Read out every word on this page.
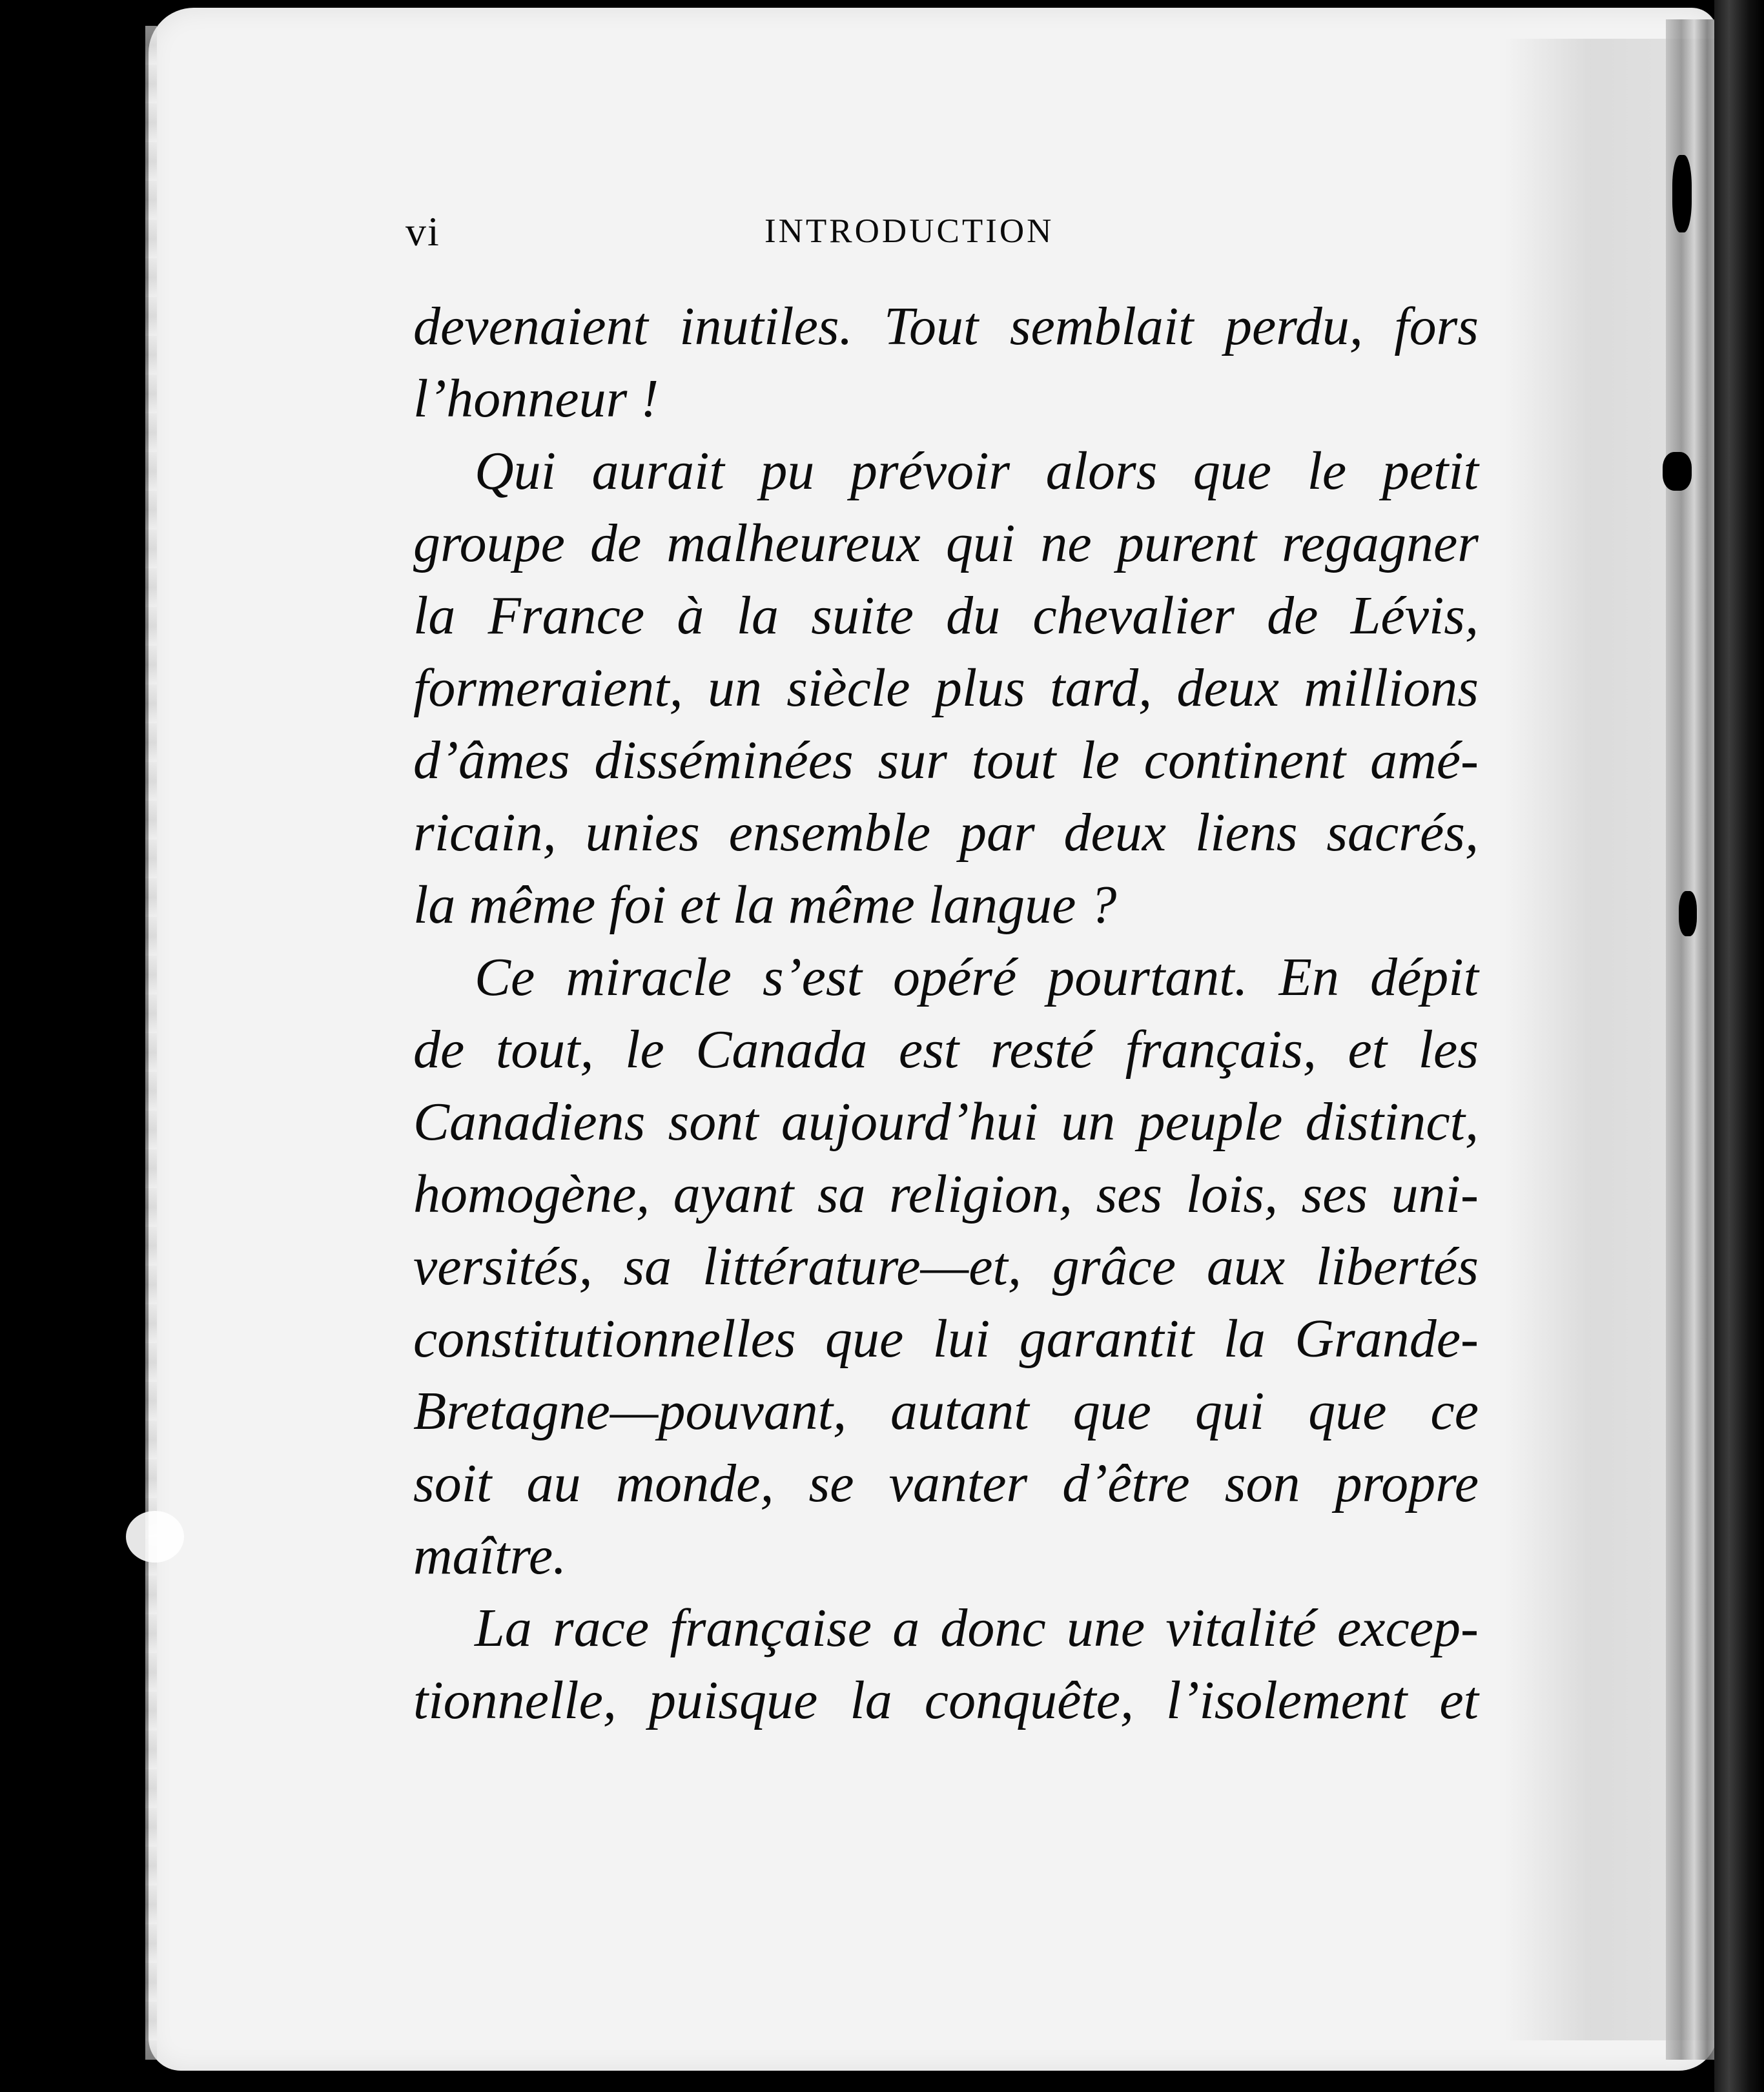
vi	INTRODUCTION
devenaient inutiles. Tout semblait perdu, fors
l’honneur !
Qui aurait pu prévoir alors que le petit
groupe de malheureux qui ne purent regagner
la France à la suite du chevalier de Lévis,
formeraient, un siècle plus tard, deux millions
d’âmes disséminées sur tout le continent amé-
ricain, unies ensemble par deux liens sacrés,
la même foi et la même langue ?
Ce miracle s’est opéré pourtant. En dépit
de tout, le Canada est resté français, et les
Canadiens sont aujourd’hui un peuple distinct,
homogène, ayant sa religion, ses lois, ses uni-
versités, sa littérature—et, grâce aux libertés
constitutionnelles que lui garantit la Grande-
Bretagne—pouvant, autant que qui que ce
soit au monde, se vanter d’être son propre
maître.
La race française a donc une vitalité excep-
tionnelle, puisque la conquête, l’isolement et
